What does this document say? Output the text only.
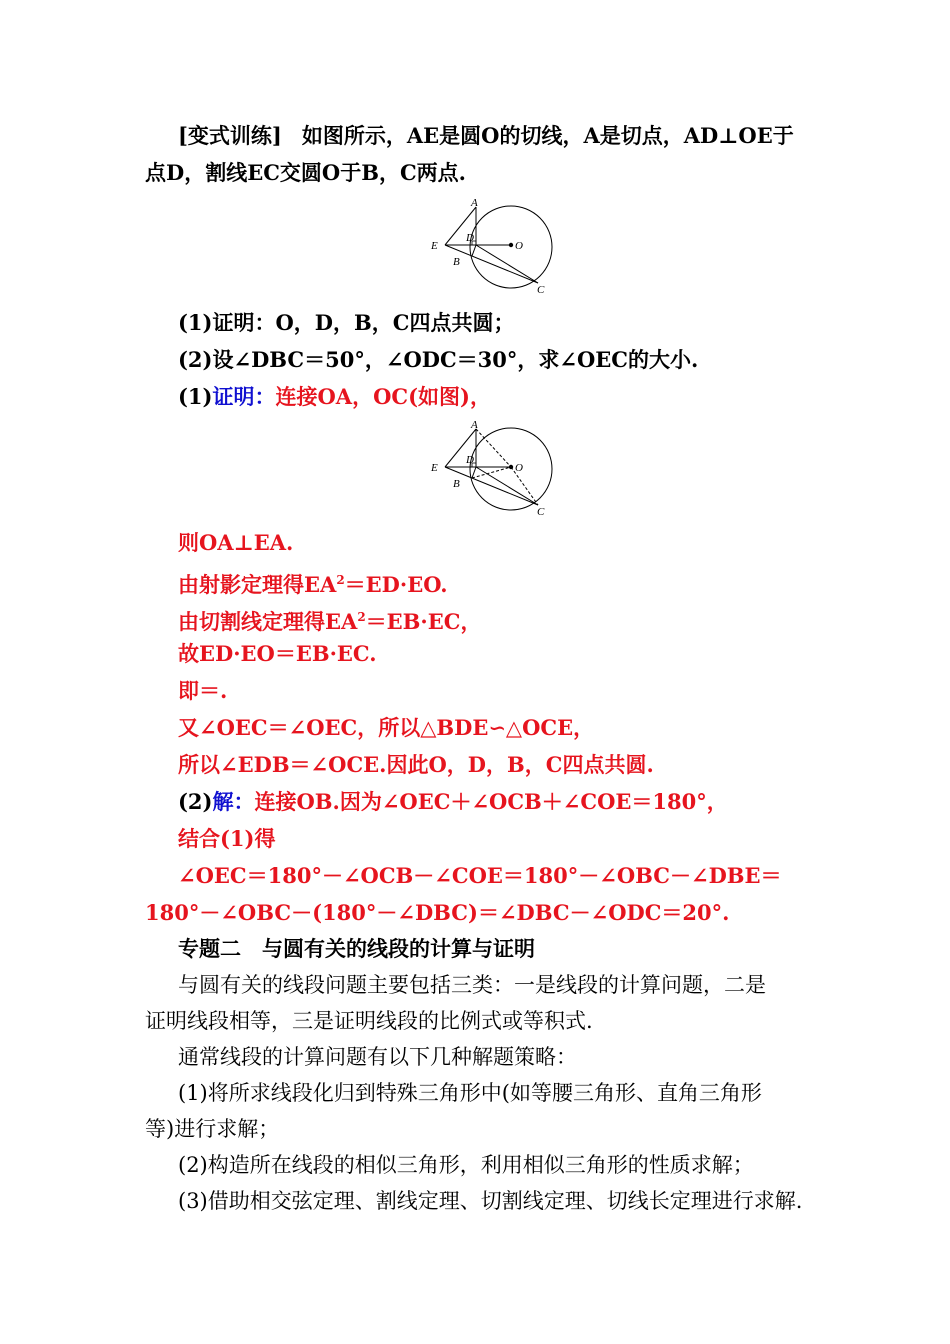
[变式训练] 如图所示，AE是圆O的切线，A是切点，AD⊥OE于
点D，割线EC交圆O于B，C两点.
A
D
E	O
B
C
(1)证明：O，D，B，C四点共圆；
(2)设∠DBC＝50°，∠ODC＝30°，求∠OEC的大小.
(1)证明：连接OA，OC(如图)，
A
D
E	O
B
C
则OA⊥EA.
由射影定理得$EA^2=ED\cdot EO$.
由切割线定理得$EA^2=EB\cdot EC$，
故ED·EO＝EB·EC.
即＝.
又∠OEC＝∠OEC，所以△BDE∽△OCE，
所以∠EDB＝∠OCE.因此O，D，B，C四点共圆.
(2)解：连接OB.因为∠OEC＋∠OCB＋∠COE＝180°，
结合(1)得
∠OEC＝180°－∠OCB－∠COE＝180°－∠OBC－∠DBE＝
180°－∠OBC－(180°－∠DBC)＝∠DBC－∠ODC＝20°.
专题二　与圆有关的线段的计算与证明
与圆有关的线段问题主要包括三类：一是线段的计算问题，二是
证明线段相等，三是证明线段的比例式或等积式.
通常线段的计算问题有以下几种解题策略：
(1)将所求线段化归到特殊三角形中(如等腰三角形、直角三角形
等)进行求解；
(2)构造所在线段的相似三角形，利用相似三角形的性质求解；
(3)借助相交弦定理、割线定理、切割线定理、切线长定理进行求解.
